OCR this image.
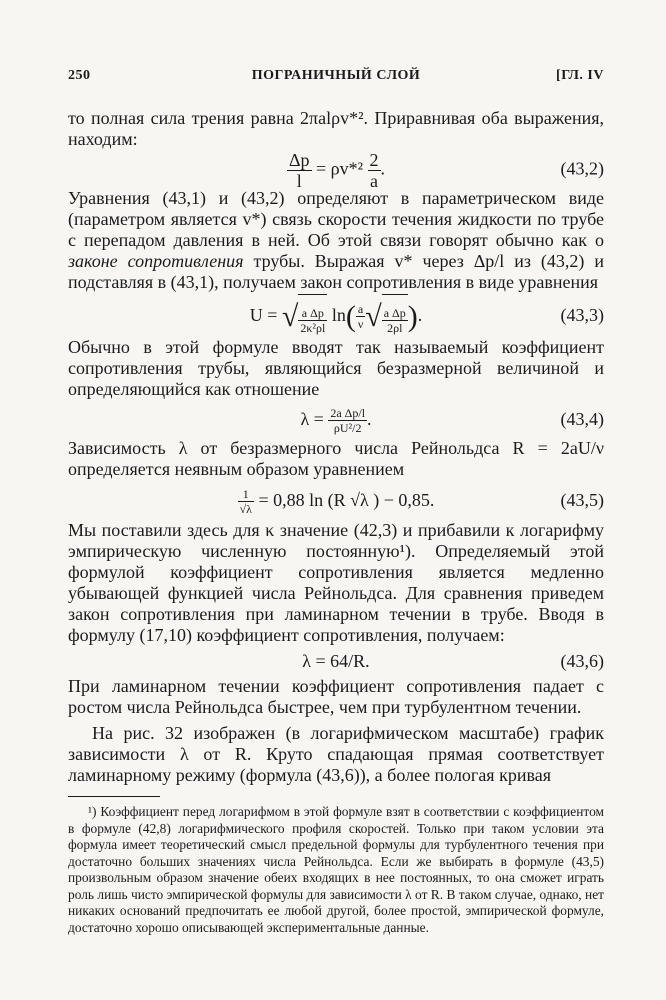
250	ПОГРАНИЧНЫЙ СЛОЙ	[ГЛ. IV

то полная сила трения равна 2πalρv*². Приравнивая оба выражения, находим:

$\frac{\Delta p}{l} = \rho v*^2 \frac{2}{a}$ .	(43,2)

Уравнения (43,1) и (43,2) определяют в параметрическом виде (параметром является v*) связь скорости течения жидкости по трубе с перепадом давления в ней. Об этой связи говорят обычно как о законе сопротивления трубы. Выражая v* через Δp/l из (43,2) и подставляя в (43,1), получаем закон сопротивления в виде уравнения

U = √ $\frac{\text{a Δp}}{\text{2κ²ρl}} \ln( \frac{a}{\nu}$ √ $\frac{\text{a Δp}}{2\rho l}$ ).	(43,3)

Обычно в этой формуле вводят так называемый коэффициент сопротивления трубы, являющийся безразмерной величиной и определяющийся как отношение

$\lambda = \frac{\text{2a Δp/l}}{\text{ρU²/2}}$ .	(43,4)

Зависимость λ от безразмерного числа Рейнольдса R = 2aU/ν определяется неявным образом уравнением

$\frac{1}{√\lambda} = 0,88$ ln (R √λ ) − 0,85.	(43,5)

Мы поставили здесь для κ значение (42,3) и прибавили к логарифму эмпирическую численную постоянную¹). Определяемый этой формулой коэффициент сопротивления является медленно убывающей функцией числа Рейнольдса. Для сравнения приведем закон сопротивления при ламинарном течении в трубе. Вводя в формулу (17,10) коэффициент сопротивления, получаем:

λ = 64/R.	(43,6)

При ламинарном течении коэффициент сопротивления падает с ростом числа Рейнольдса быстрее, чем при турбулентном течении.

На рис. 32 изображен (в логарифмическом масштабе) график зависимости λ от R. Круто спадающая прямая соответствует ламинарному режиму (формула (43,6)), а более пологая кривая

¹) Коэффициент перед логарифмом в этой формуле взят в соответствии с коэффициентом в формуле (42,8) логарифмического профиля скоростей. Только при таком условии эта формула имеет теоретический смысл предельной формулы для турбулентного течения при достаточно больших значениях числа Рейнольдса. Если же выбирать в формуле (43,5) произвольным образом значение обеих входящих в нее постоянных, то она сможет играть роль лишь чисто эмпирической формулы для зависимости λ от R. В таком случае, однако, нет никаких оснований предпочитать ее любой другой, более простой, эмпирической формуле, достаточно хорошо описывающей экспериментальные данные.
